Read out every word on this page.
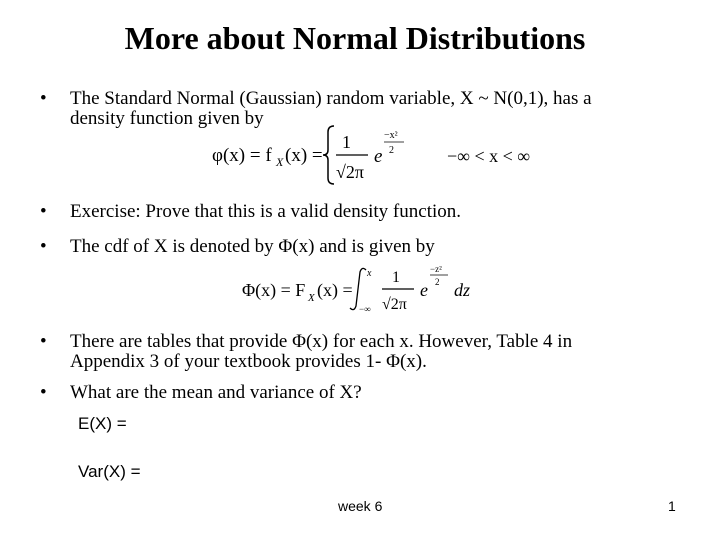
More about Normal Distributions
• The Standard Normal (Gaussian) random variable, X ~ N(0,1), has a
density function given by
φ(x) = f X (x) =
1
√2π
e
−x²
2	−∞ < x < ∞
• Exercise: Prove that this is a valid density function.
• The cdf of X is denoted by Φ(x) and is given by
Φ(x) = F X (x) =
x
−∞
1
√2π
e
−z²
2 dz
• There are tables that provide Φ(x) for each x. However, Table 4 in
Appendix 3 of your textbook provides 1- Φ(x).
• What are the mean and variance of X?
E(X) =
Var(X) =
week 6	1
